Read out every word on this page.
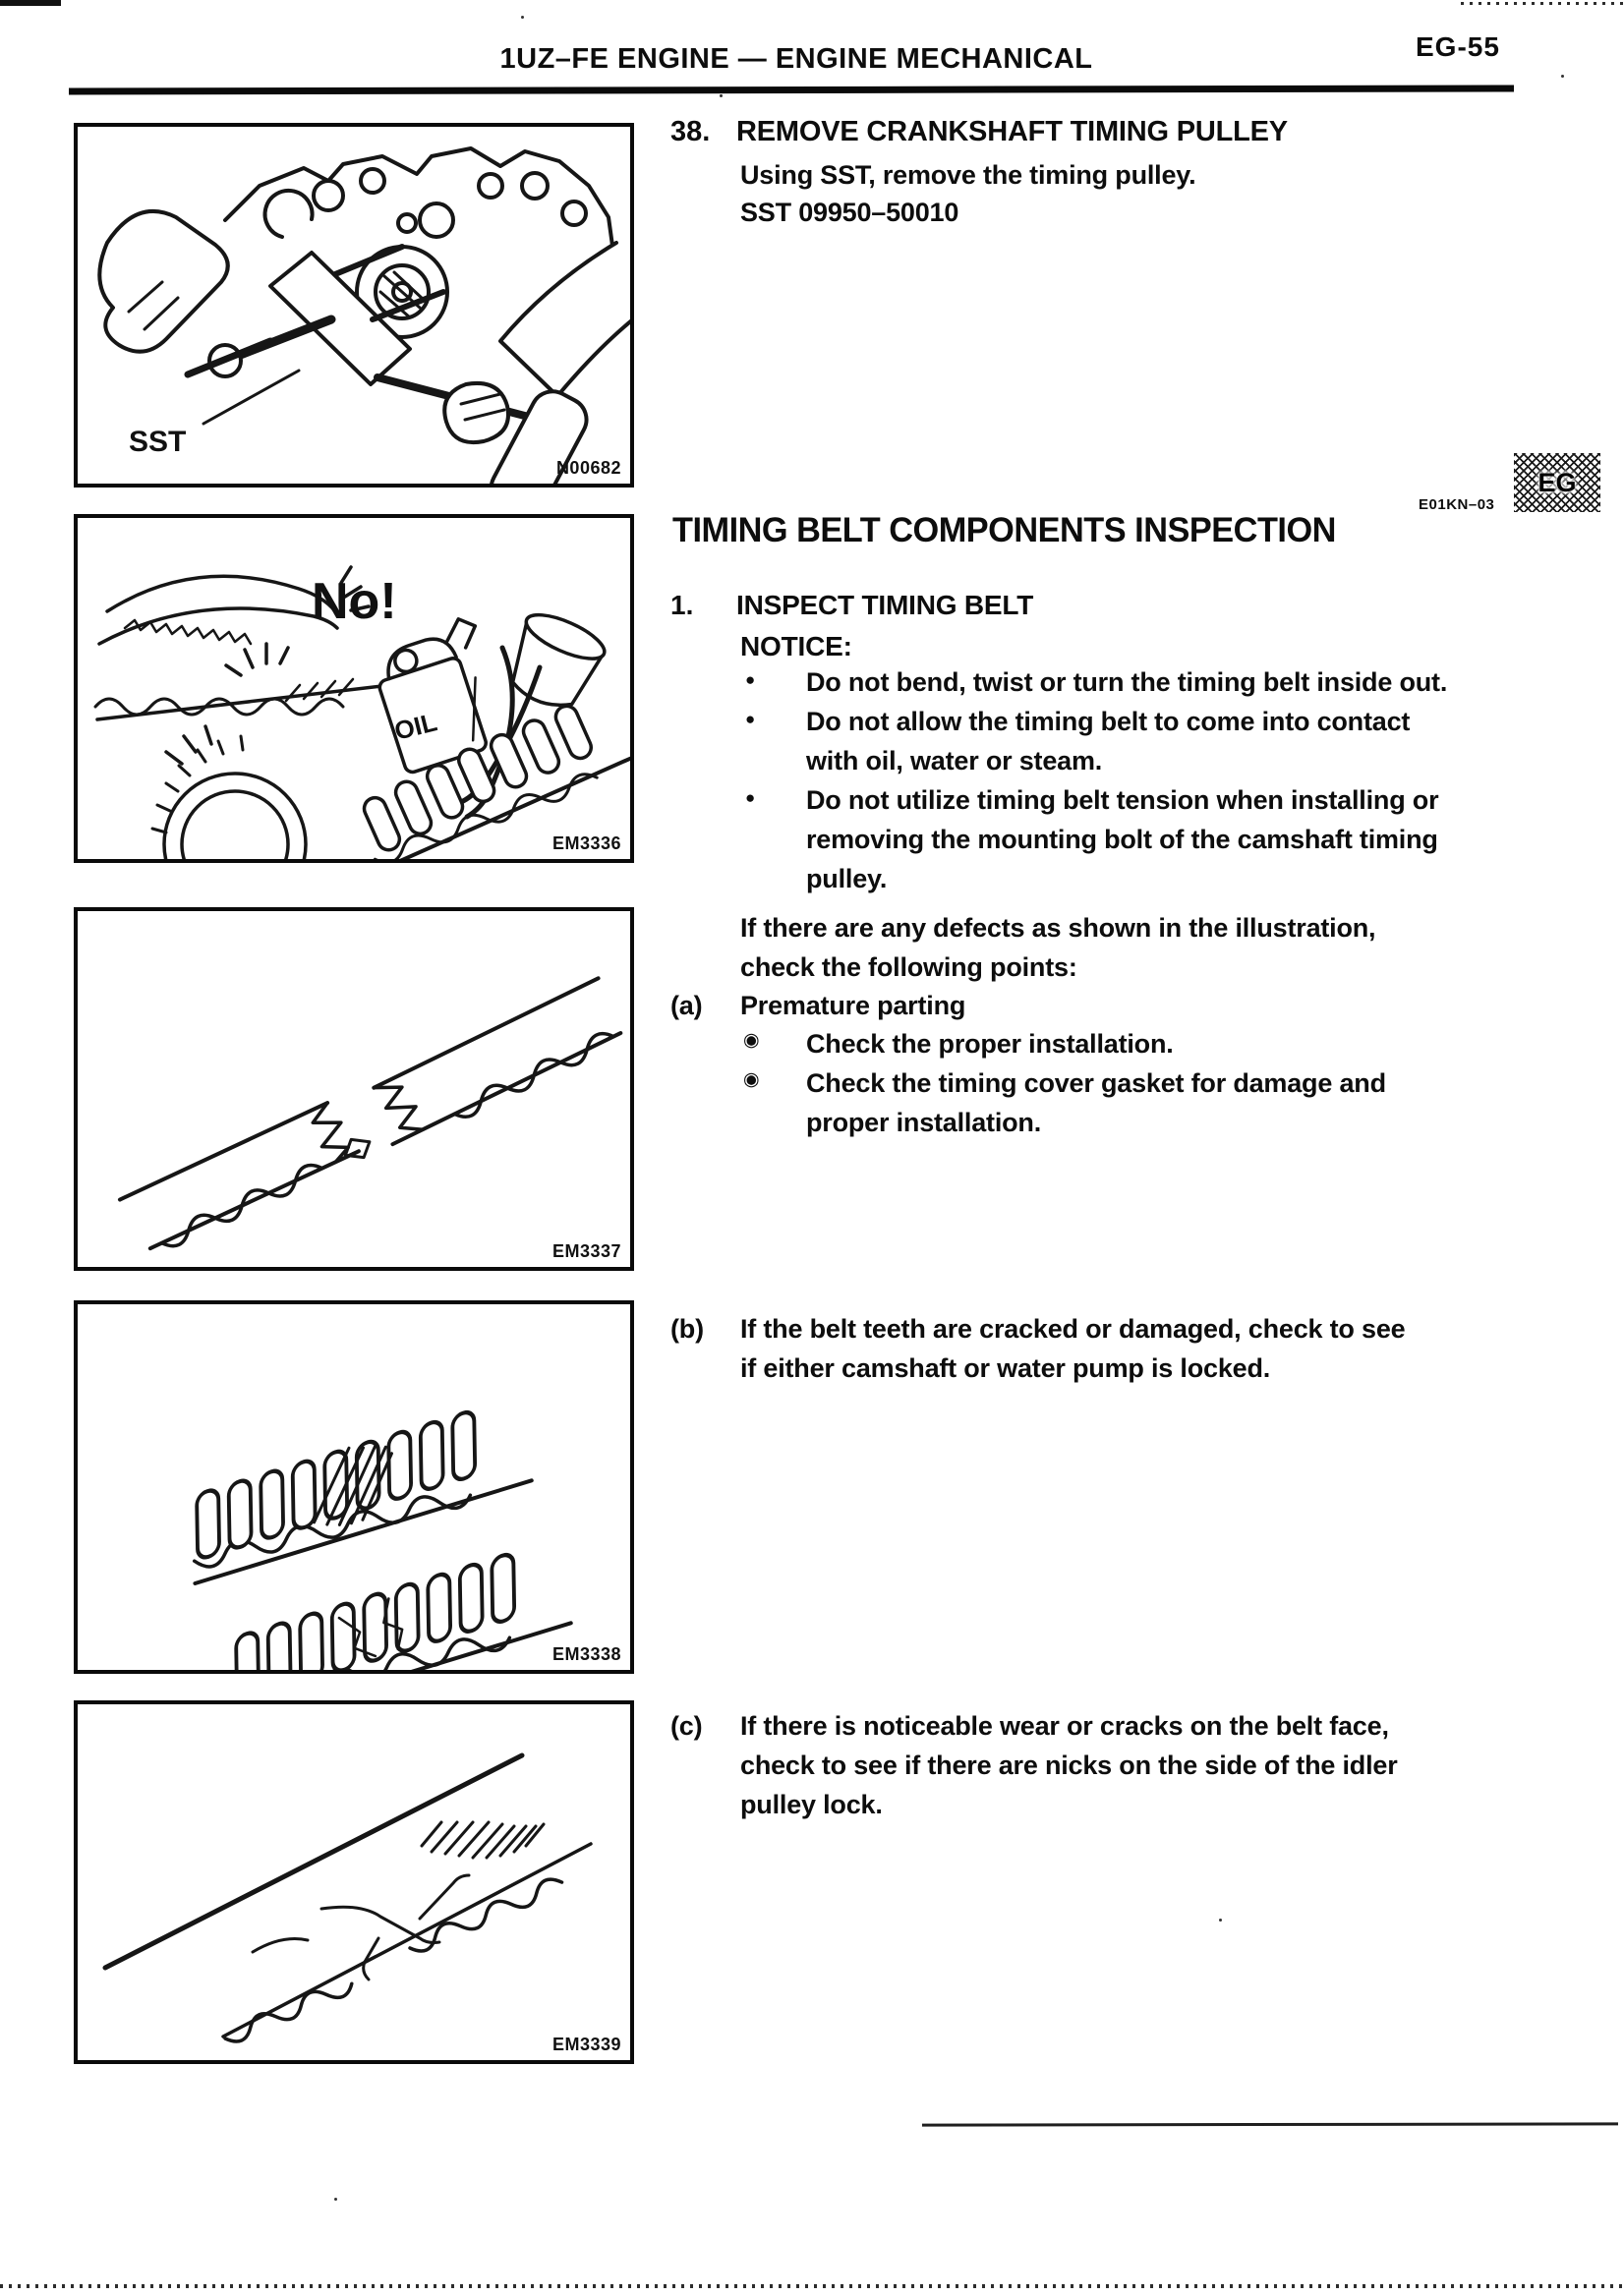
1UZ–FE ENGINE — ENGINE MECHANICAL	EG-55
EG
SST
N00682
No!
OIL
EM3336
EM3337
EM3338
EM3339
38. REMOVE CRANKSHAFT TIMING PULLEY
Using SST, remove the timing pulley.
SST 09950–50010
E01KN–03
TIMING BELT COMPONENTS INSPECTION
1. INSPECT TIMING BELT
NOTICE:
● Do not bend, twist or turn the timing belt inside out.
● Do not allow the timing belt to come into contact
with oil, water or steam.
● Do not utilize timing belt tension when installing or
removing the mounting bolt of the camshaft timing
pulley.
If there are any defects as shown in the illustration,
check the following points:
(a) Premature parting
◉ Check the proper installation.
◉ Check the timing cover gasket for damage and
proper installation.
(b) If the belt teeth are cracked or damaged, check to see
if either camshaft or water pump is locked.
(c) If there is noticeable wear or cracks on the belt face,
check to see if there are nicks on the side of the idler
pulley lock.
